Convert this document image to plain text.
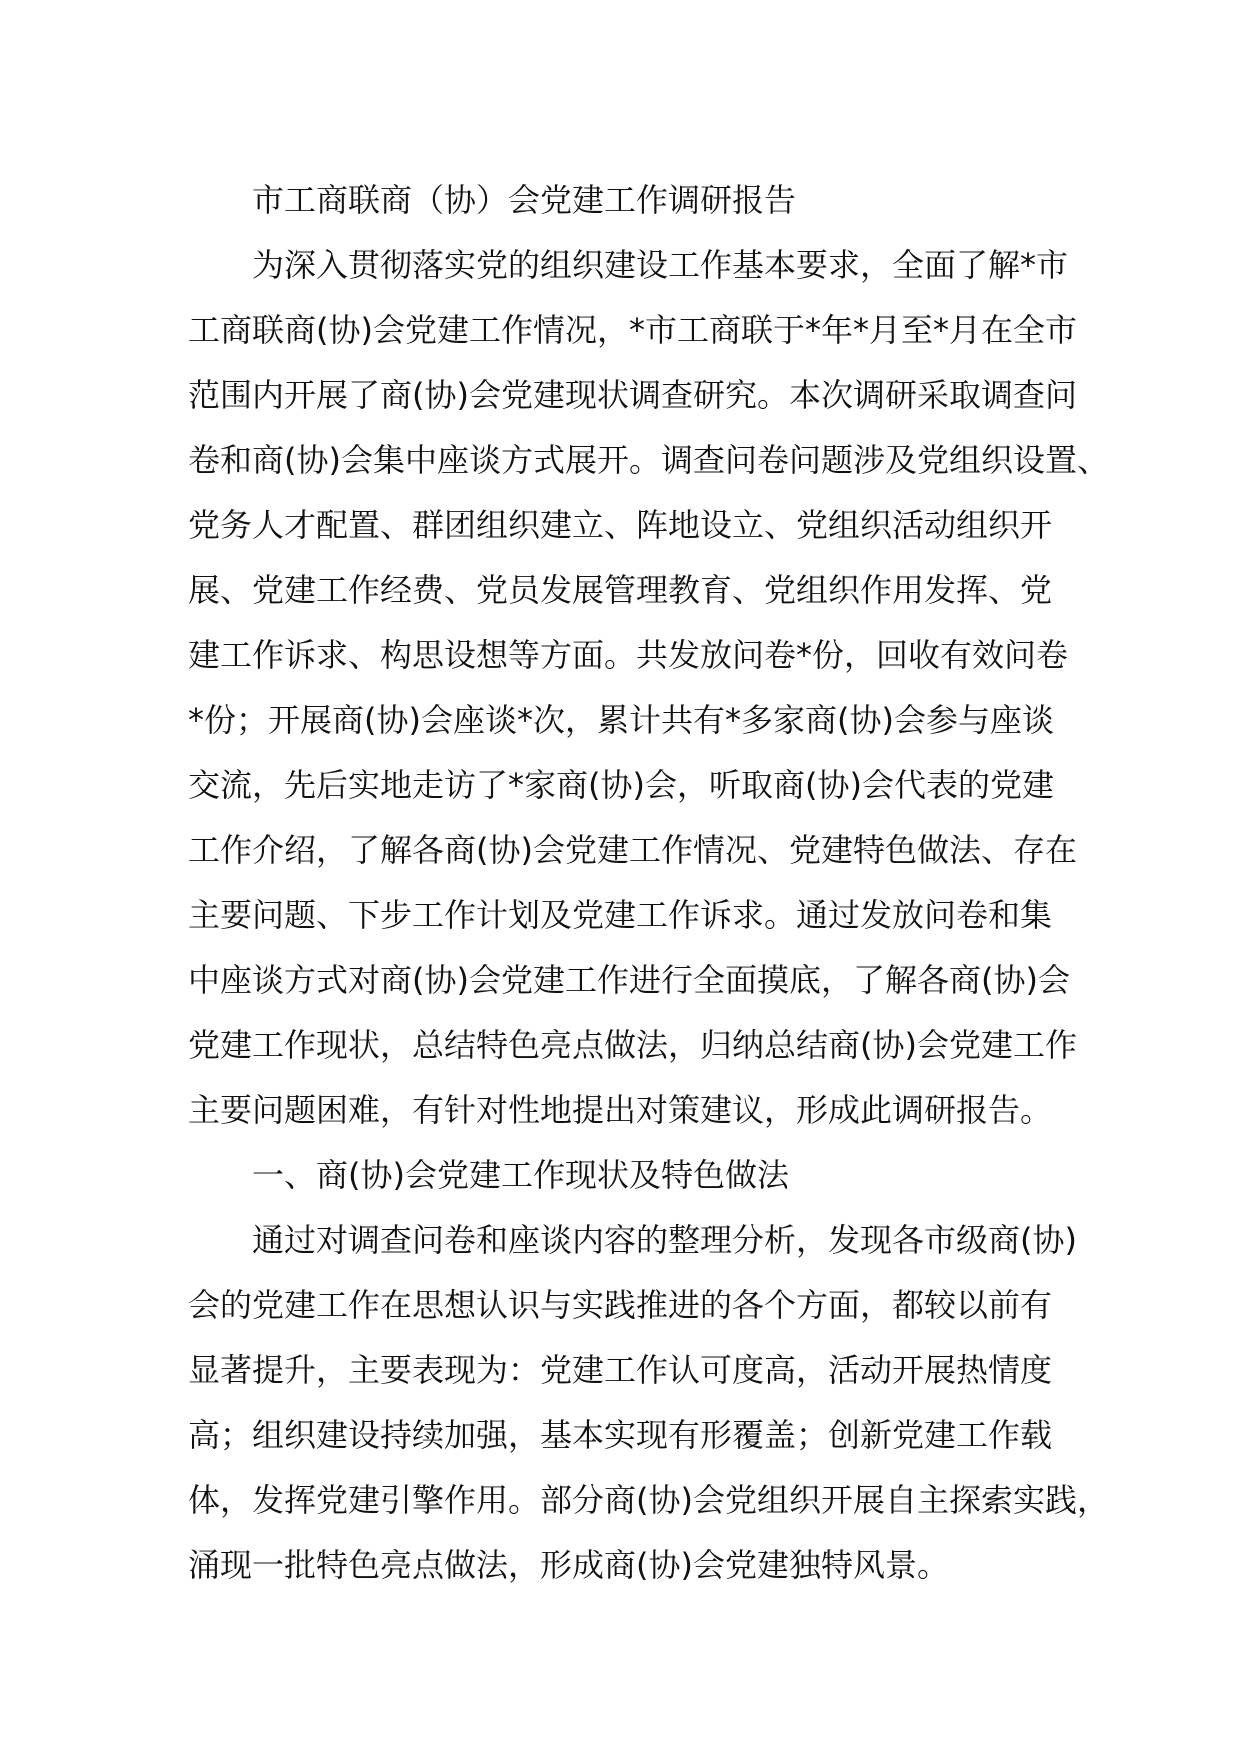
市工商联商（协）会党建工作调研报告
为深入贯彻落实党的组织建设工作基本要求，全面了解*市
工商联商(协)会党建工作情况，*市工商联于*年*月至*月在全市
范围内开展了商(协)会党建现状调查研究。本次调研采取调查问
卷和商(协)会集中座谈方式展开。调查问卷问题涉及党组织设置、
党务人才配置、群团组织建立、阵地设立、党组织活动组织开
展、党建工作经费、党员发展管理教育、党组织作用发挥、党
建工作诉求、构思设想等方面。共发放问卷*份，回收有效问卷
*份；开展商(协)会座谈*次，累计共有*多家商(协)会参与座谈
交流，先后实地走访了*家商(协)会，听取商(协)会代表的党建
工作介绍，了解各商(协)会党建工作情况、党建特色做法、存在
主要问题、下步工作计划及党建工作诉求。通过发放问卷和集
中座谈方式对商(协)会党建工作进行全面摸底，了解各商(协)会
党建工作现状，总结特色亮点做法，归纳总结商(协)会党建工作
主要问题困难，有针对性地提出对策建议，形成此调研报告。
一、商(协)会党建工作现状及特色做法
通过对调查问卷和座谈内容的整理分析，发现各市级商(协)
会的党建工作在思想认识与实践推进的各个方面，都较以前有
显著提升，主要表现为：党建工作认可度高，活动开展热情度
高；组织建设持续加强，基本实现有形覆盖；创新党建工作载
体，发挥党建引擎作用。部分商(协)会党组织开展自主探索实践，
涌现一批特色亮点做法，形成商(协)会党建独特风景。
